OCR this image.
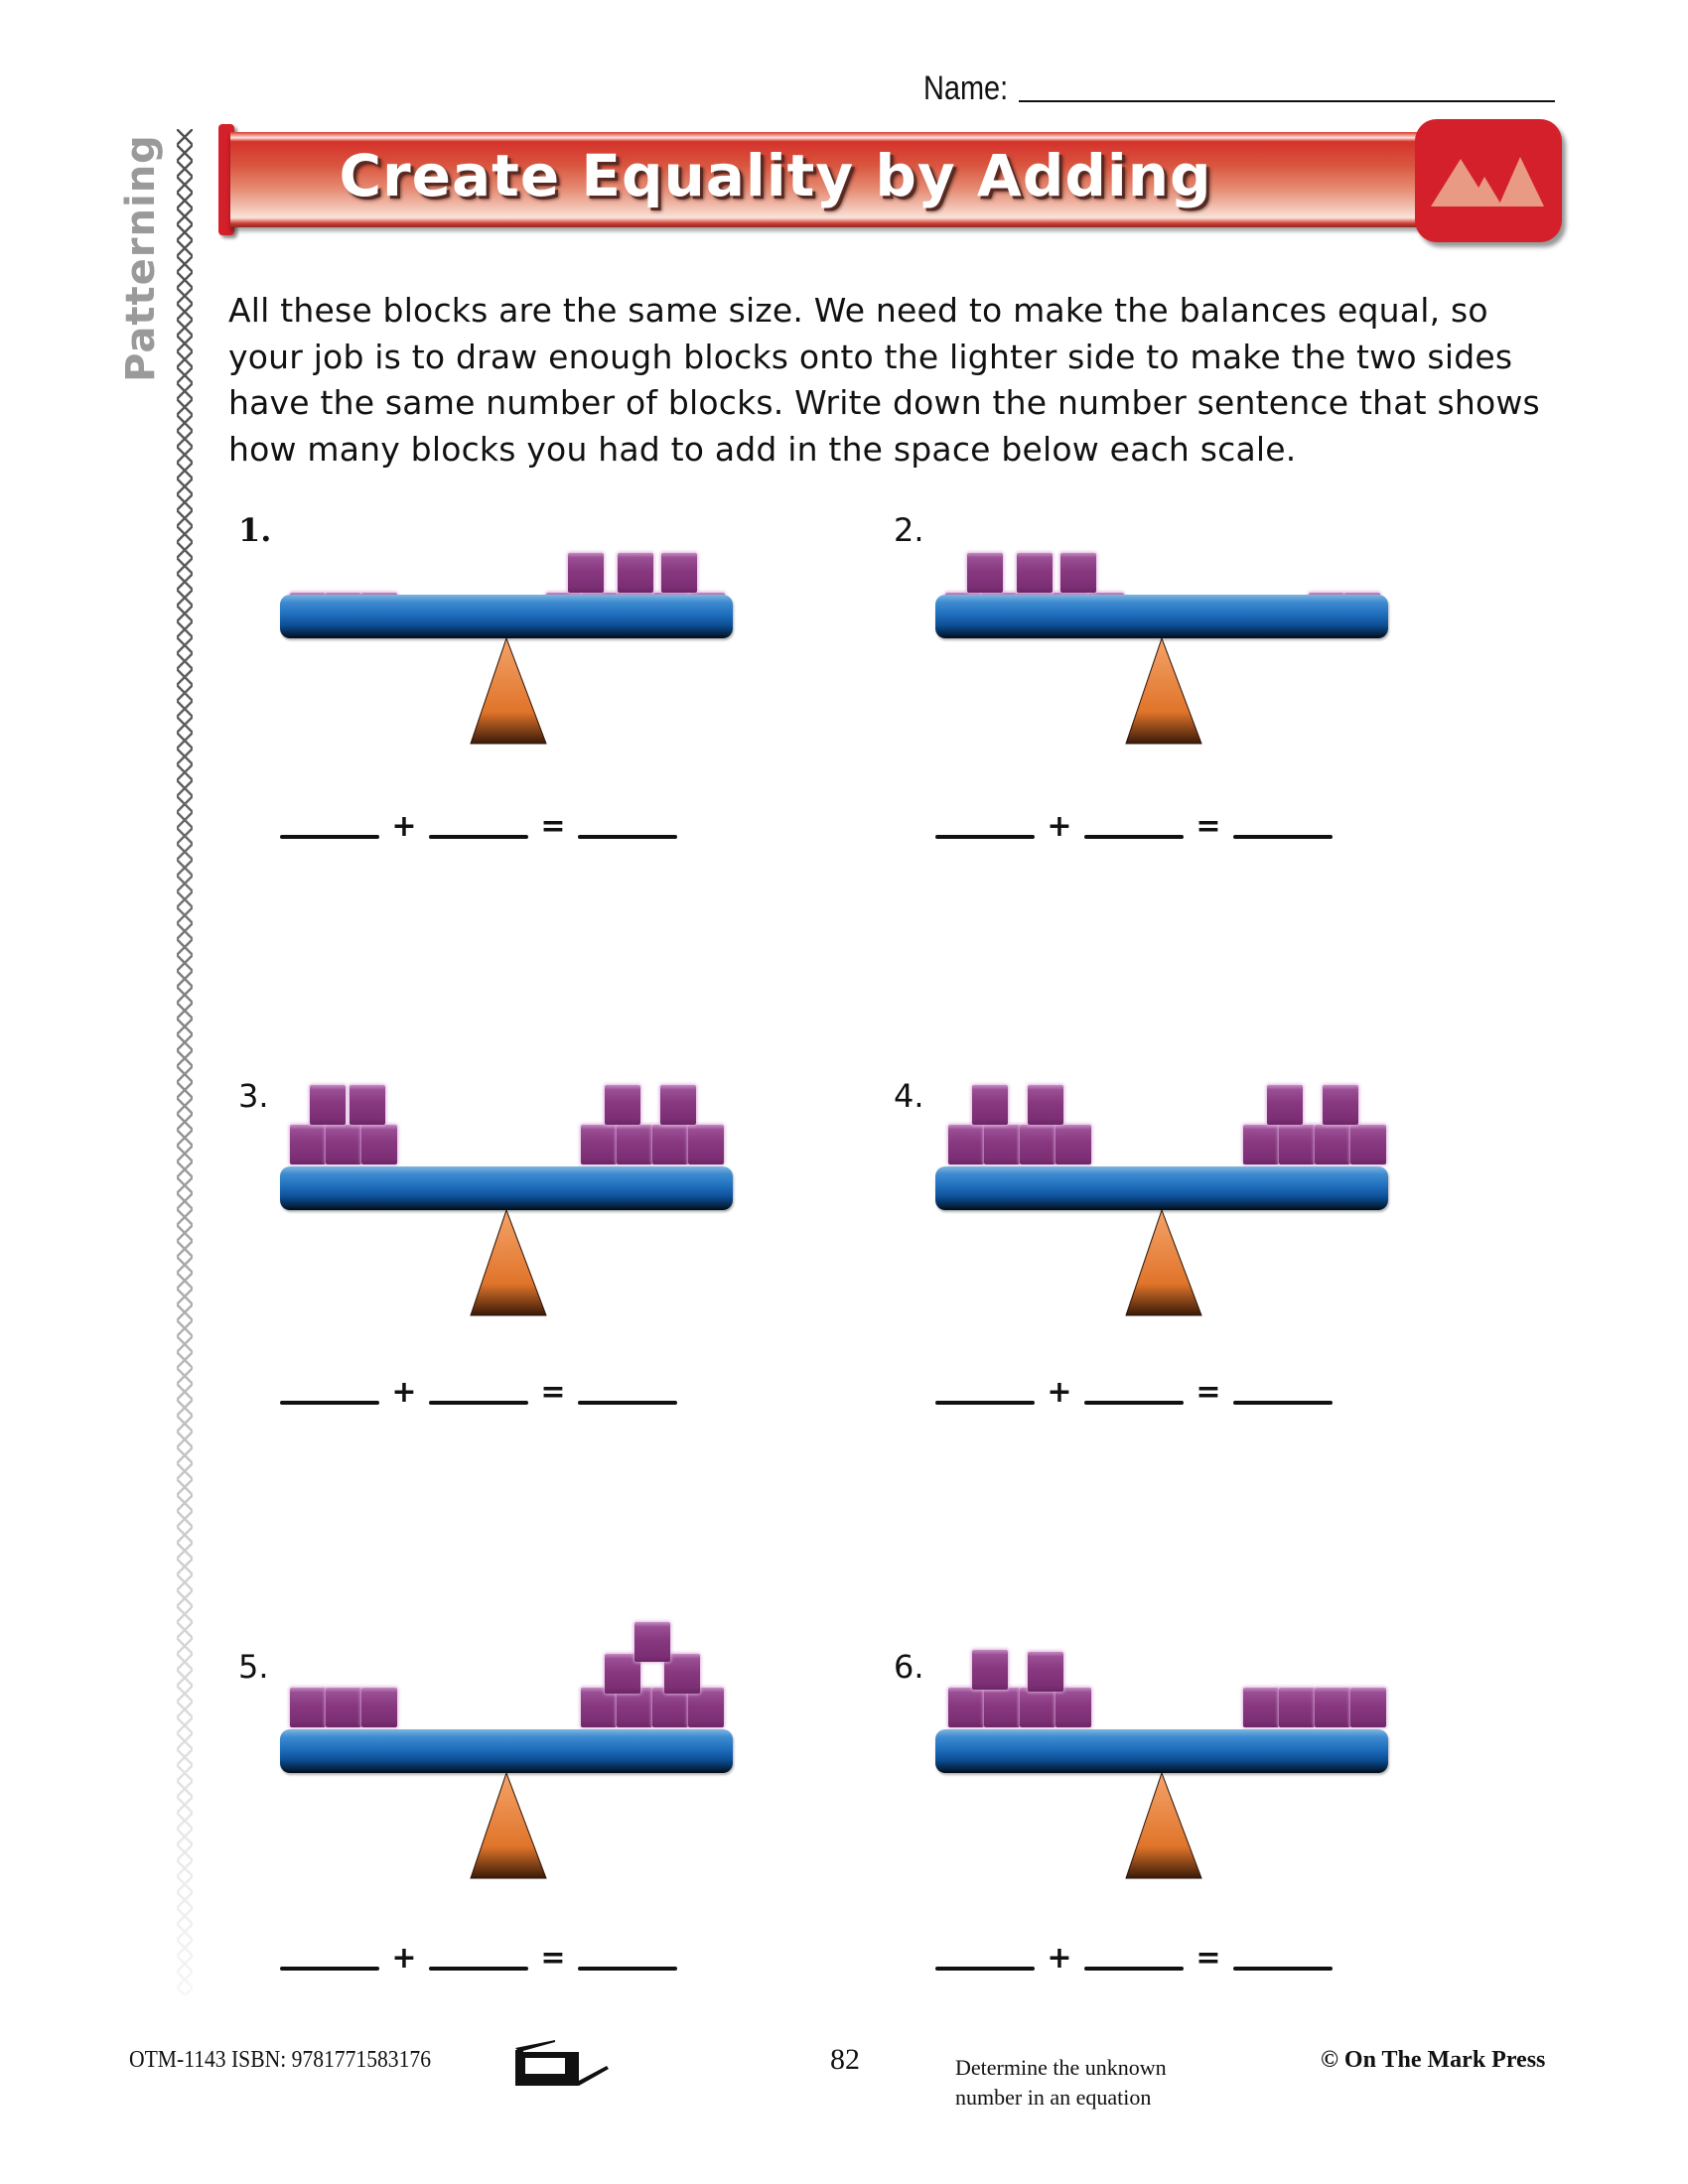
Patterning
Name:
Create Equality by Adding
All these blocks are the same size. We need to make the balances equal, so your job is to draw enough blocks onto the lighter side to make the two sides have the same number of blocks. Write down the number sentence that shows how many blocks you had to add in the space below each scale.
1.
+	=
2.
+	=
3.
+	=
4.
+	=
5.
+	=
6.
+	=
OTM-1143 ISBN: 9781771583176	82	Determine the unknown
number in an equation
© On The Mark Press
